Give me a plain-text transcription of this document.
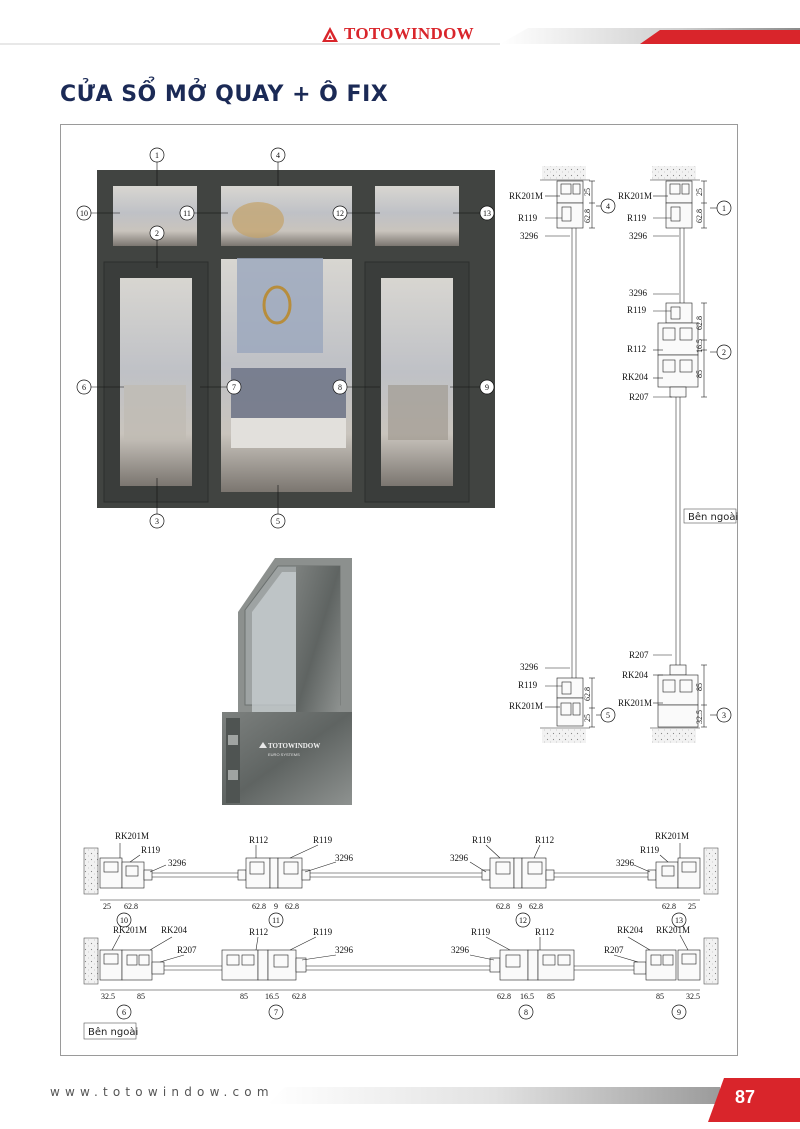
TOTOWINDOW
CỬA SỔ MỞ QUAY + Ô FIX
1	4
10	11	12	13
2
6	7	8	9
3	5
TOTOWINDOW
EURO SYSTEMS
RK201M
R119
3296
3296
R119
RK201M
25
62.8
62.8
25
4
5
RK201M
R119
3296
3296
R119
R112
RK204
R207
R207
RK204
RK201M
25
62.8
62.8
16.5
85
85
32.5
1
2
3
Bên ngoài
RK201M
R119
3296
R112	R119
3296
R119	R112
3296
RK201M
R119
3296
25 62.8	62.8 9 62.8	62.8 9 62.8	62.8 25
10	11	12	13
RK201M RK204
R207
R112	R119
3296
R119	R112
3296	R207
RK204 RK201M
32.5	85	85 16.5 62.8	62.8 16.5 85	85	32.5
6	7	8	9
Bên ngoài
www.totowindow.com	87
